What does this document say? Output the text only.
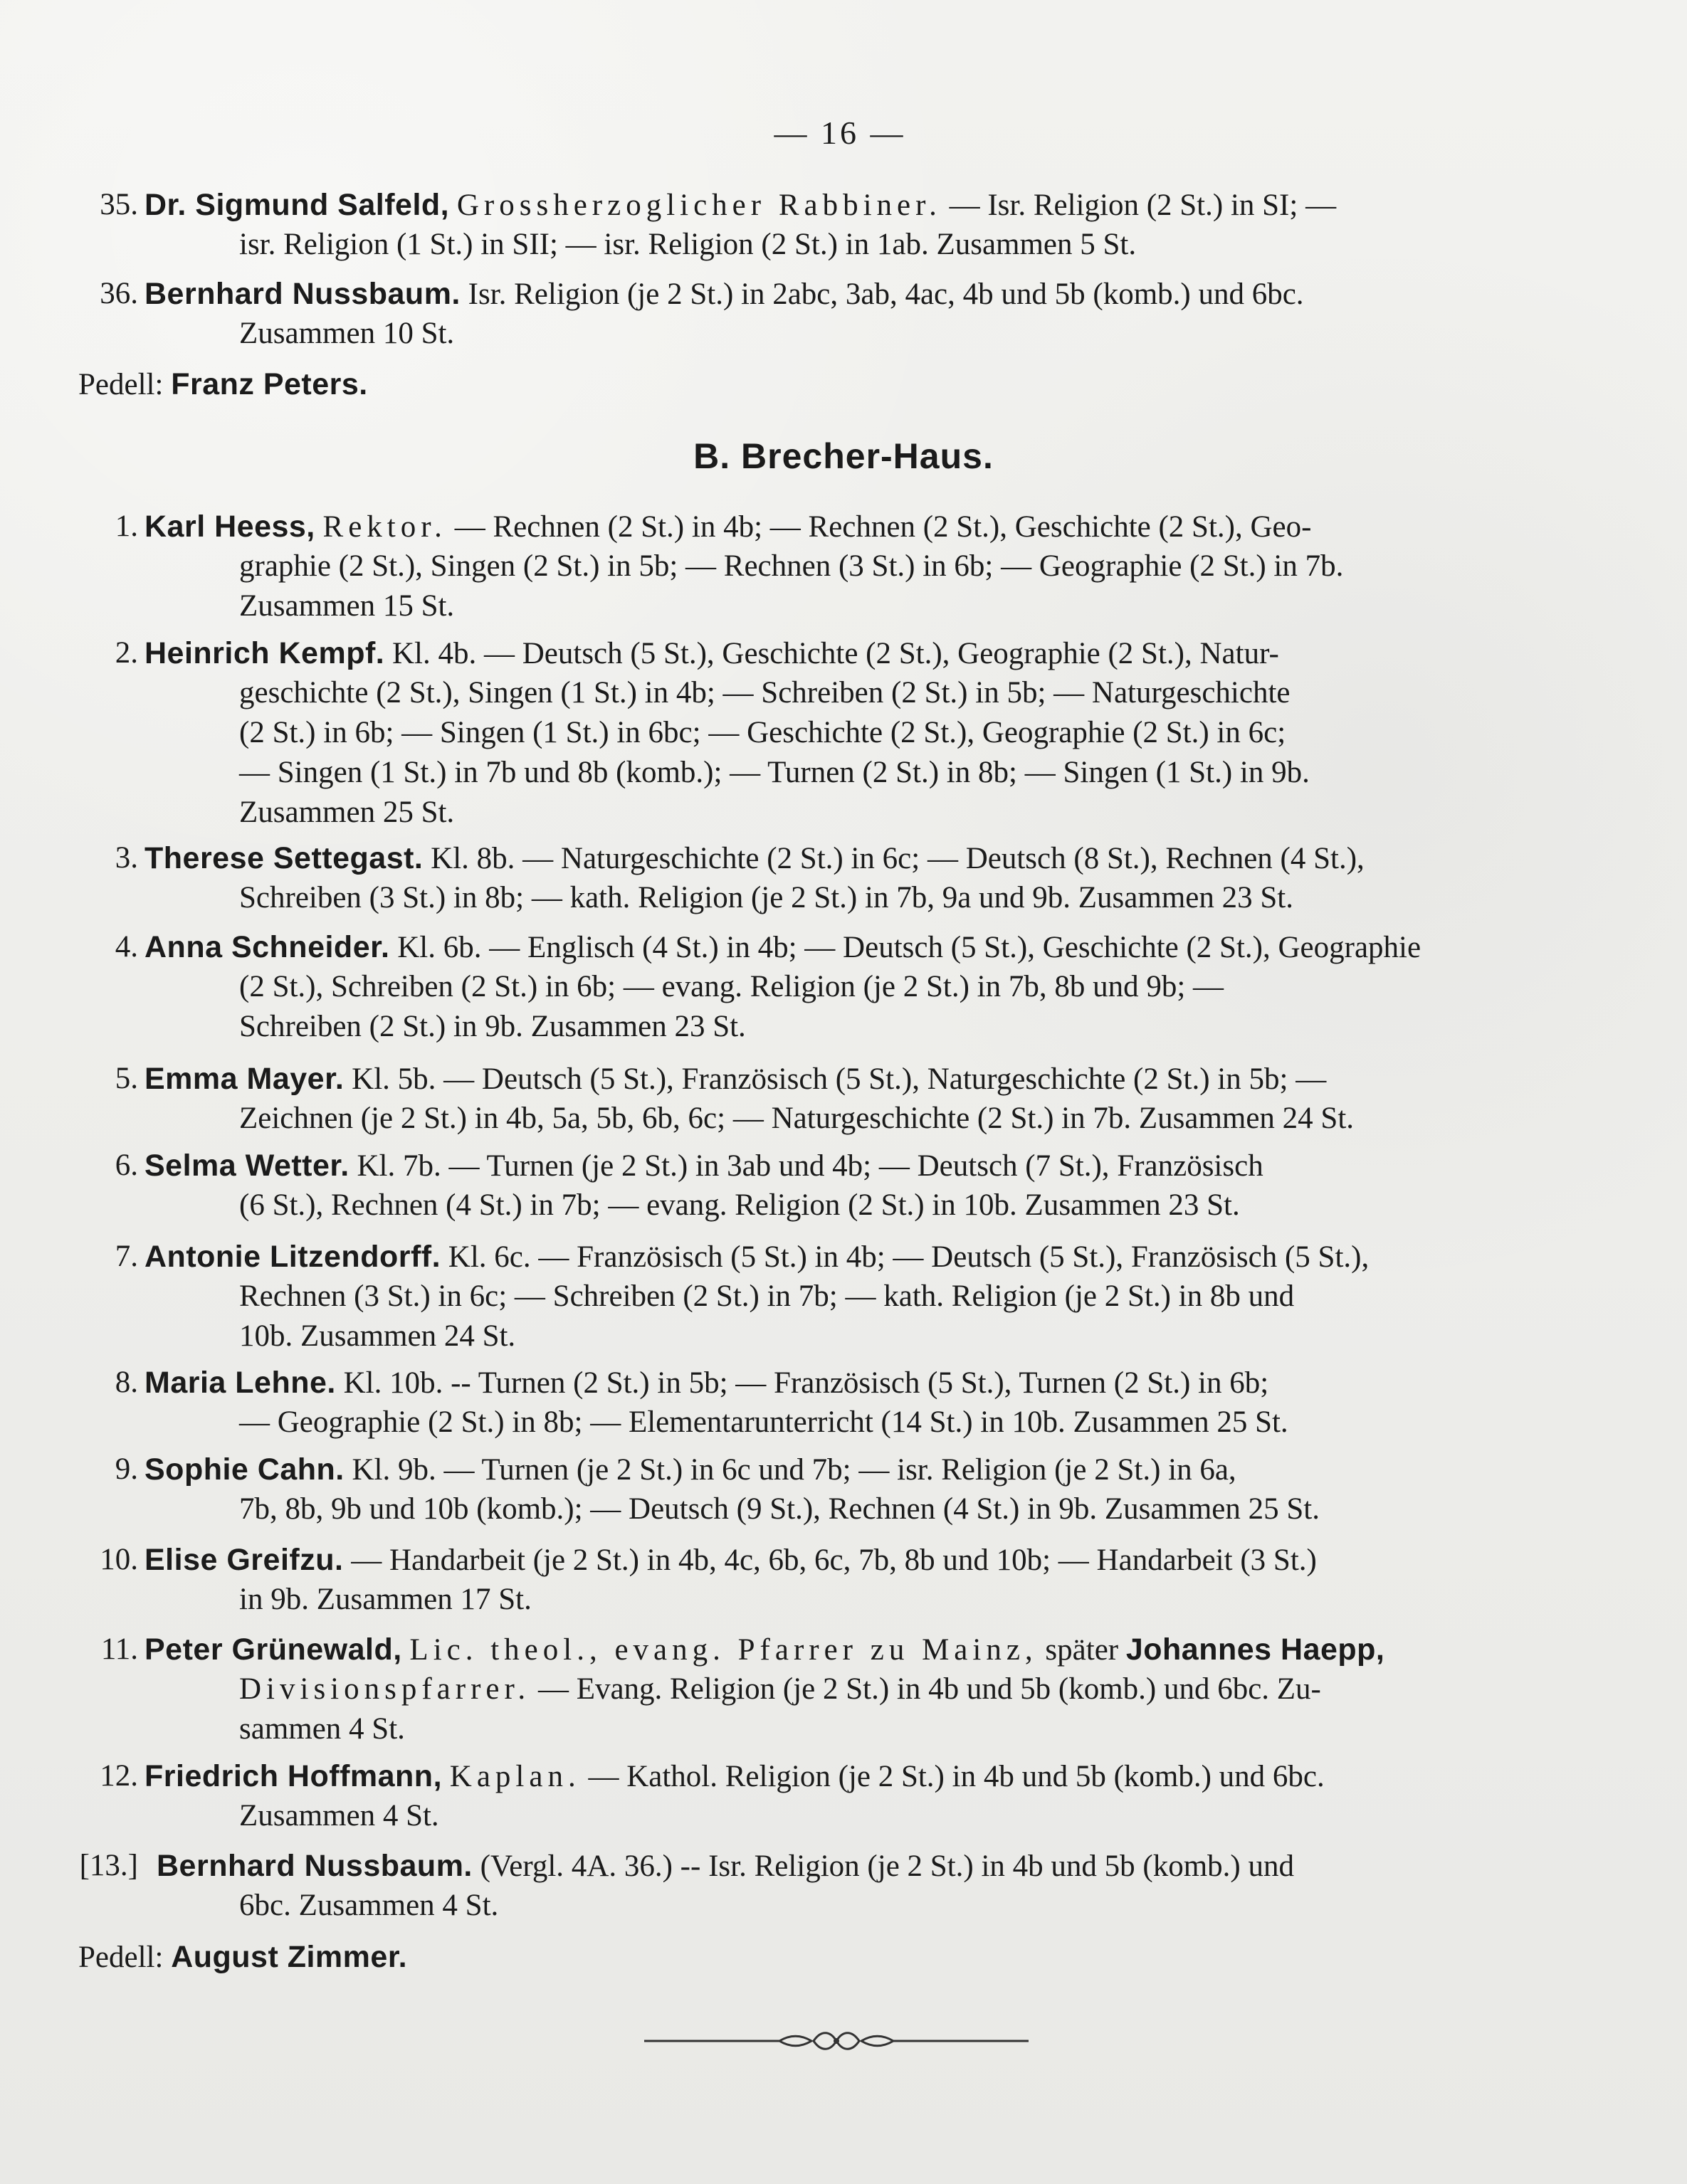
— 16 —
35. Dr. Sigmund Salfeld, Grossherzoglicher Rabbiner. — Isr. Religion (2 St.) in SI; —
isr. Religion (1 St.) in SII; — isr. Religion (2 St.) in 1ab. Zusammen 5 St.
36. Bernhard Nussbaum. Isr. Religion (je 2 St.) in 2abc, 3ab, 4ac, 4b und 5b (komb.) und 6bc.
Zusammen 10 St.
Pedell: Franz Peters.
B. Brecher-Haus.
1. Karl Heess, Rektor. — Rechnen (2 St.) in 4b; — Rechnen (2 St.), Geschichte (2 St.), Geo-
graphie (2 St.), Singen (2 St.) in 5b; — Rechnen (3 St.) in 6b; — Geographie (2 St.) in 7b.
Zusammen 15 St.
2. Heinrich Kempf. Kl. 4b. — Deutsch (5 St.), Geschichte (2 St.), Geographie (2 St.), Natur-
geschichte (2 St.), Singen (1 St.) in 4b; — Schreiben (2 St.) in 5b; — Naturgeschichte
(2 St.) in 6b; — Singen (1 St.) in 6bc; — Geschichte (2 St.), Geographie (2 St.) in 6c;
— Singen (1 St.) in 7b und 8b (komb.); — Turnen (2 St.) in 8b; — Singen (1 St.) in 9b.
Zusammen 25 St.
3. Therese Settegast. Kl. 8b. — Naturgeschichte (2 St.) in 6c; — Deutsch (8 St.), Rechnen (4 St.),
Schreiben (3 St.) in 8b; — kath. Religion (je 2 St.) in 7b, 9a und 9b. Zusammen 23 St.
4. Anna Schneider. Kl. 6b. — Englisch (4 St.) in 4b; — Deutsch (5 St.), Geschichte (2 St.), Geographie
(2 St.), Schreiben (2 St.) in 6b; — evang. Religion (je 2 St.) in 7b, 8b und 9b; —
Schreiben (2 St.) in 9b. Zusammen 23 St.
5. Emma Mayer. Kl. 5b. — Deutsch (5 St.), Französisch (5 St.), Naturgeschichte (2 St.) in 5b; —
Zeichnen (je 2 St.) in 4b, 5a, 5b, 6b, 6c; — Naturgeschichte (2 St.) in 7b. Zusammen 24 St.
6. Selma Wetter. Kl. 7b. — Turnen (je 2 St.) in 3ab und 4b; — Deutsch (7 St.), Französisch
(6 St.), Rechnen (4 St.) in 7b; — evang. Religion (2 St.) in 10b. Zusammen 23 St.
7. Antonie Litzendorff. Kl. 6c. — Französisch (5 St.) in 4b; — Deutsch (5 St.), Französisch (5 St.),
Rechnen (3 St.) in 6c; — Schreiben (2 St.) in 7b; — kath. Religion (je 2 St.) in 8b und
10b. Zusammen 24 St.
8. Maria Lehne. Kl. 10b. -- Turnen (2 St.) in 5b; — Französisch (5 St.), Turnen (2 St.) in 6b;
— Geographie (2 St.) in 8b; — Elementarunterricht (14 St.) in 10b. Zusammen 25 St.
9. Sophie Cahn. Kl. 9b. — Turnen (je 2 St.) in 6c und 7b; — isr. Religion (je 2 St.) in 6a,
7b, 8b, 9b und 10b (komb.); — Deutsch (9 St.), Rechnen (4 St.) in 9b. Zusammen 25 St.
10. Elise Greifzu. — Handarbeit (je 2 St.) in 4b, 4c, 6b, 6c, 7b, 8b und 10b; — Handarbeit (3 St.)
in 9b. Zusammen 17 St.
11. Peter Grünewald, Lic. theol., evang. Pfarrer zu Mainz, später Johannes Haepp,
Divisionspfarrer. — Evang. Religion (je 2 St.) in 4b und 5b (komb.) und 6bc. Zu-
sammen 4 St.
12. Friedrich Hoffmann, Kaplan. — Kathol. Religion (je 2 St.) in 4b und 5b (komb.) und 6bc.
Zusammen 4 St.
[13.] Bernhard Nussbaum. (Vergl. 4A. 36.) -- Isr. Religion (je 2 St.) in 4b und 5b (komb.) und
6bc. Zusammen 4 St.
Pedell: August Zimmer.
